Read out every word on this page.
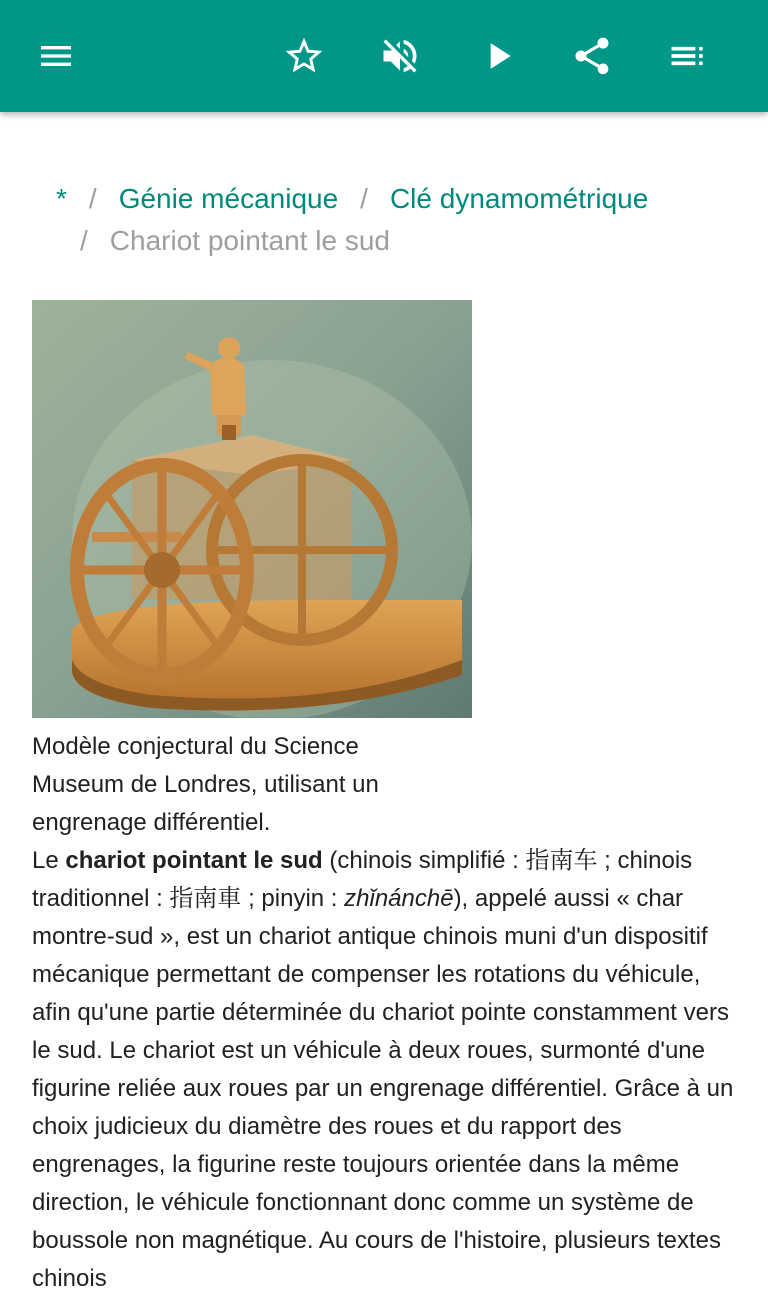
* / Génie mécanique / Clé dynamométrique
/ Chariot pointant le sud
Modèle conjectural du Science Museum de Londres, utilisant un engrenage différentiel.
Le chariot pointant le sud (chinois simplifié : 指南车 ; chinois traditionnel : 指南車 ; pinyin : zhǐnánchē), appelé aussi « char montre-sud », est un chariot antique chinois muni d'un dispositif mécanique permettant de compenser les rotations du véhicule, afin qu'une partie déterminée du chariot pointe constamment vers le sud. Le chariot est un véhicule à deux roues, surmonté d'une figurine reliée aux roues par un engrenage différentiel. Grâce à un choix judicieux du diamètre des roues et du rapport des engrenages, la figurine reste toujours orientée dans la même direction, le véhicule fonctionnant donc comme un système de boussole non magnétique. Au cours de l'histoire, plusieurs textes chinois
